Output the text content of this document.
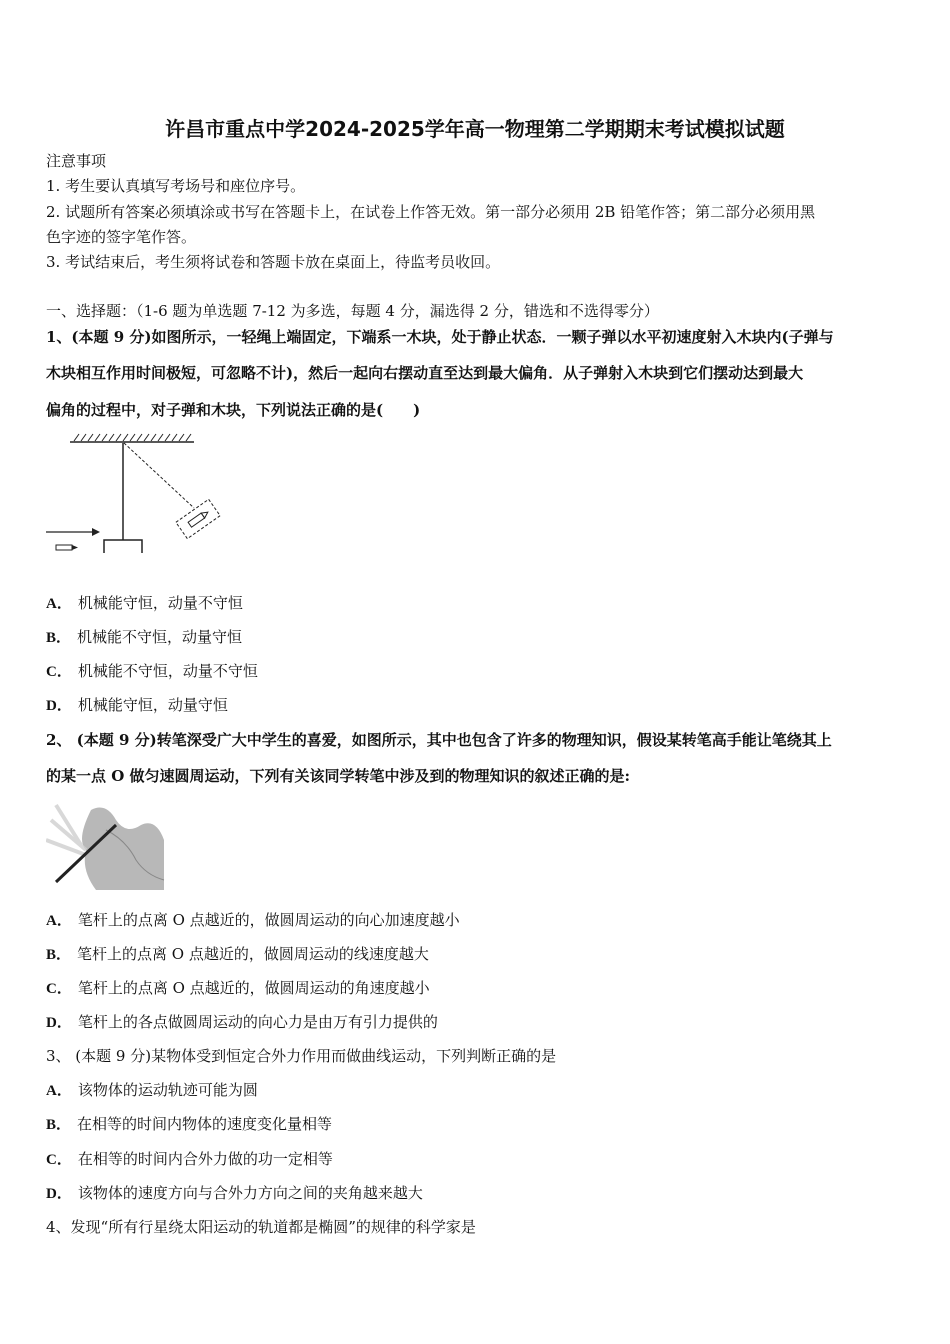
许昌市重点中学2024-2025学年高一物理第二学期期末考试模拟试题
注意事项
1. 考生要认真填写考场号和座位序号。
2. 试题所有答案必须填涂或书写在答题卡上，在试卷上作答无效。第一部分必须用 2B 铅笔作答；第二部分必须用黑
色字迹的签字笔作答。
3. 考试结束后，考生须将试卷和答题卡放在桌面上，待监考员收回。
一、选择题：（1-6 题为单选题 7-12 为多选，每题 4 分，漏选得 2 分，错选和不选得零分）
1、(本题 9 分)如图所示，一轻绳上端固定，下端系一木块，处于静止状态．一颗子弹以水平初速度射入木块内(子弹与
木块相互作用时间极短，可忽略不计)，然后一起向右摆动直至达到最大偏角．从子弹射入木块到它们摆动达到最大
偏角的过程中，对子弹和木块，下列说法正确的是(　　)
A． 机械能守恒，动量不守恒
B． 机械能不守恒，动量守恒
C． 机械能不守恒，动量不守恒
D． 机械能守恒，动量守恒
2、 (本题 9 分)转笔深受广大中学生的喜爱，如图所示，其中也包含了许多的物理知识，假设某转笔高手能让笔绕其上
的某一点 O 做匀速圆周运动，下列有关该同学转笔中涉及到的物理知识的叙述正确的是:
A． 笔杆上的点离 O 点越近的，做圆周运动的向心加速度越小
B． 笔杆上的点离 O 点越近的，做圆周运动的线速度越大
C． 笔杆上的点离 O 点越近的，做圆周运动的角速度越小
D． 笔杆上的各点做圆周运动的向心力是由万有引力提供的
3、 (本题 9 分)某物体受到恒定合外力作用而做曲线运动，下列判断正确的是
A． 该物体的运动轨迹可能为圆
B． 在相等的时间内物体的速度变化量相等
C． 在相等的时间内合外力做的功一定相等
D． 该物体的速度方向与合外力方向之间的夹角越来越大
4、发现“所有行星绕太阳运动的轨道都是椭圆”的规律的科学家是
